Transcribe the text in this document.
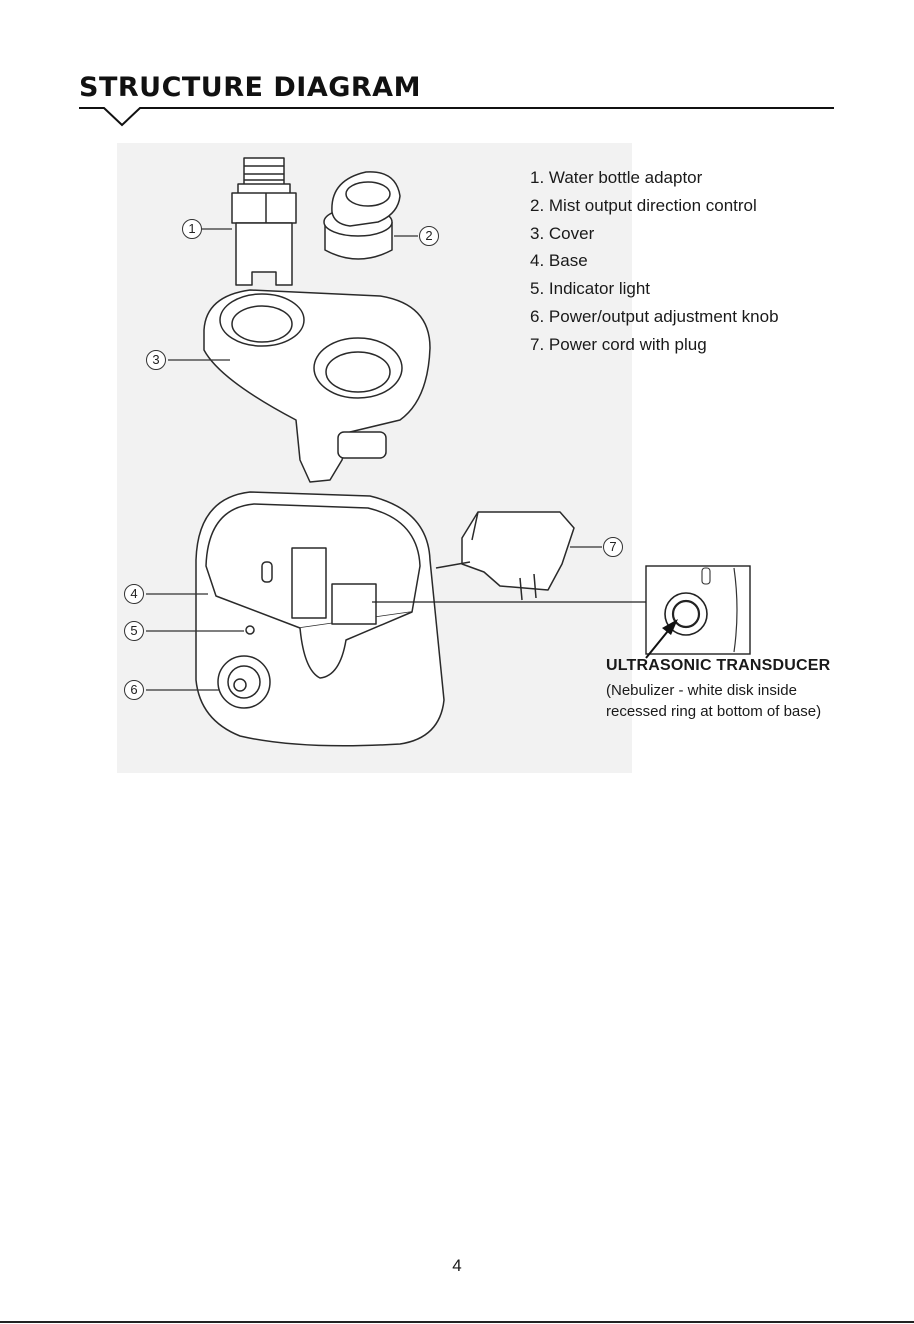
STRUCTURE DIAGRAM
1	2
3
4
5
6
7
1. Water bottle adaptor
2. Mist output direction control
3. Cover
4. Base
5. Indicator light
6. Power/output adjustment knob
7. Power cord with plug
ULTRASONIC TRANSDUCER
(Nebulizer - white disk inside recessed ring at bottom of base)
4
